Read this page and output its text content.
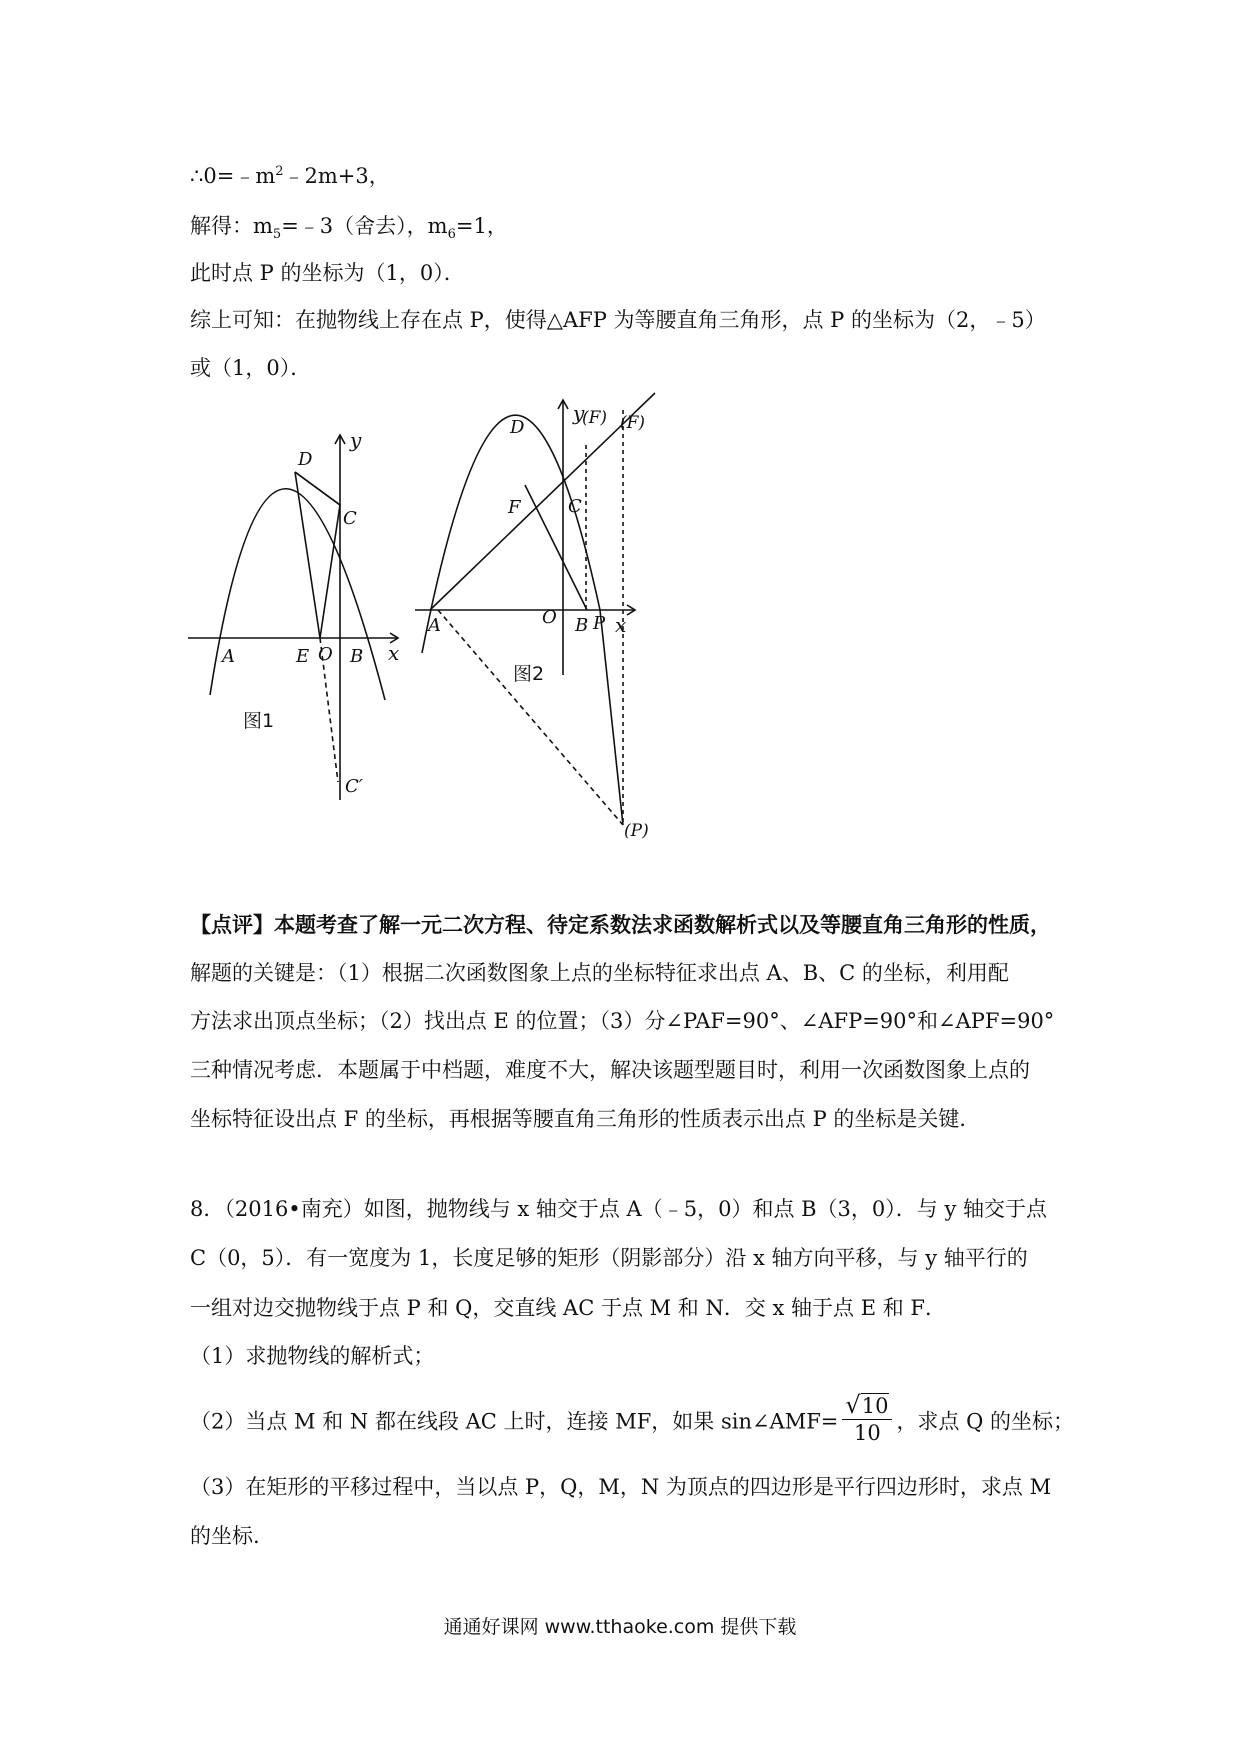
$\therefore 0=﹣m^2﹣2m+3$，

解得：$m_5=﹣3$（舍去），$m_6=1$，

此时点 P 的坐标为（1，0）．

综上可知：在抛物线上存在点 P，使得△AFP 为等腰直角三角形，点 P 的坐标为（2，﹣5）

或（1，0）．

D
y
C
A	E O B x
C′
图1
D
y
(F) (F)
C
F
A	O B P x
(P)
图2

【点评】本题考查了解一元二次方程、待定系数法求函数解析式以及等腰直角三角形的性质，

解题的关键是：（1）根据二次函数图象上点的坐标特征求出点 A、B、C 的坐标，利用配

方法求出顶点坐标；（2）找出点 E 的位置；（3）分∠PAF=90°、∠AFP=90°和∠APF=90°

三种情况考虑．本题属于中档题，难度不大，解决该题型题目时，利用一次函数图象上点的

坐标特征设出点 F 的坐标，再根据等腰直角三角形的性质表示出点 P 的坐标是关键．

8．（2016•南充）如图，抛物线与 x 轴交于点 A（﹣5，0）和点 B（3，0）．与 y 轴交于点

C（0，5）．有一宽度为 1，长度足够的矩形（阴影部分）沿 x 轴方向平移，与 y 轴平行的

一组对边交抛物线于点 P 和 Q，交直线 AC 于点 M 和 N．交 x 轴于点 E 和 F．

（1）求抛物线的解析式；

（2）当点 M 和 N 都在线段 AC 上时，连接 MF，如果 sin∠AMF= $\frac{√10}{10}$ ，求点 Q 的坐标；

（3）在矩形的平移过程中，当以点 P，Q，M，N 为顶点的四边形是平行四边形时，求点 M

的坐标.

通通好课网 www.tthaoke.com 提供下载
